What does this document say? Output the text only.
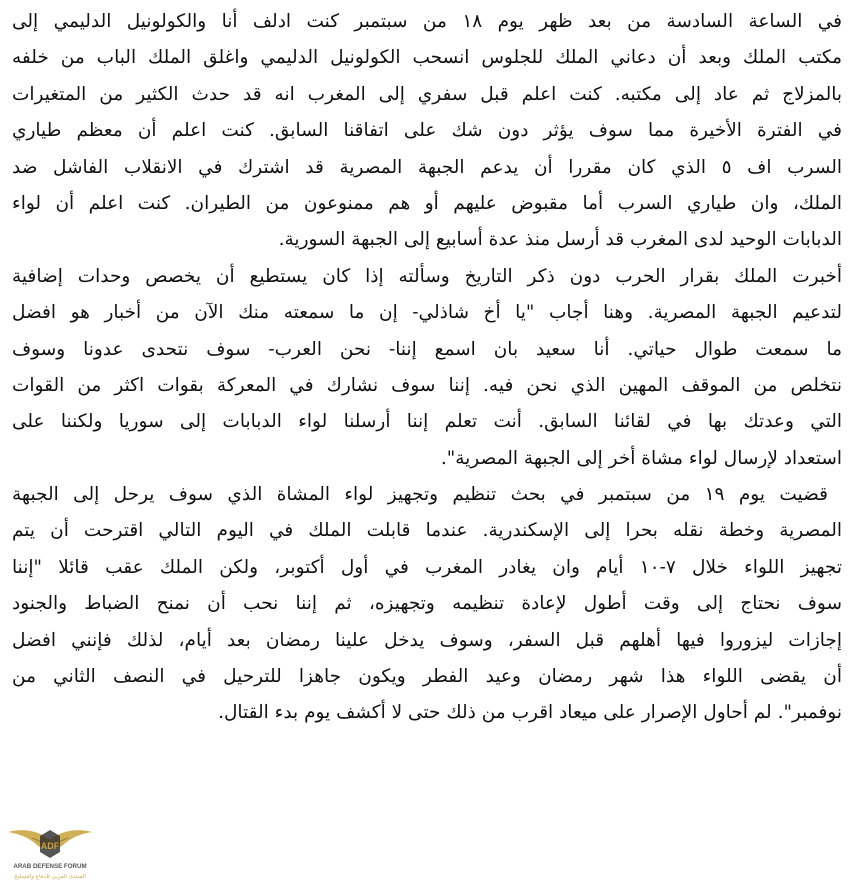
في الساعة السادسة من بعد ظهر يوم ١٨ من سبتمبر كنت ادلف أنا والكولونيل الدليمي إلى
مكتب الملك وبعد أن دعاني الملك للجلوس انسحب الكولونيل الدليمي واغلق الملك الباب من خلفه
بالمزلاج ثم عاد إلى مكتبه. كنت اعلم قبل سفري إلى المغرب انه قد حدث الكثير من المتغيرات
في الفترة الأخيرة مما سوف يؤثر دون شك على اتفاقنا السابق. كنت اعلم أن معظم طياري
السرب اف ٥ الذي كان مقررا أن يدعم الجبهة المصرية قد اشترك في الانقلاب الفاشل ضد
الملك، وان طياري السرب أما مقبوض عليهم أو هم ممنوعون من الطيران. كنت اعلم أن لواء
الدبابات الوحيد لدى المغرب قد أرسل منذ عدة أسابيع إلى الجبهة السورية.
أخبرت الملك بقرار الحرب دون ذكر التاريخ وسألته إذا كان يستطيع أن يخصص وحدات إضافية
لتدعيم الجبهة المصرية. وهنا أجاب "يا أخ شاذلي- إن ما سمعته منك الآن من أخبار هو افضل
ما سمعت طوال حياتي. أنا سعيد بان اسمع إننا- نحن العرب- سوف نتحدى عدونا وسوف
نتخلص من الموقف المهين الذي نحن فيه. إننا سوف نشارك في المعركة بقوات اكثر من القوات
التي وعدتك بها في لقائنا السابق. أنت تعلم إننا أرسلنا لواء الدبابات إلى سوريا ولكننا على
استعداد لإرسال لواء مشاة أخر إلى الجبهة المصرية".
قضيت يوم ١٩ من سبتمبر في بحث تنظيم وتجهيز لواء المشاة الذي سوف يرحل إلى الجبهة
المصرية وخطة نقله بحرا إلى الإسكندرية. عندما قابلت الملك في اليوم التالي اقترحت أن يتم
تجهيز اللواء خلال ٧-١٠ أيام وان يغادر المغرب في أول أكتوبر، ولكن الملك عقب قائلا "إننا
سوف نحتاج إلى وقت أطول لإعادة تنظيمه وتجهيزه، ثم إننا نحب أن نمنح الضباط والجنود
إجازات ليزوروا فيها أهلهم قبل السفر، وسوف يدخل علينا رمضان بعد أيام، لذلك فإنني افضل
أن يقضى اللواء هذا شهر رمضان وعيد الفطر ويكون جاهزا للترحيل في النصف الثاني من
نوفمبر". لم أحاول الإصرار على ميعاد اقرب من ذلك حتى لا أكشف يوم بدء القتال.
ADF
ARAB DEFENSE FORUM
المنتدى العربي للدفاع والتسليح
